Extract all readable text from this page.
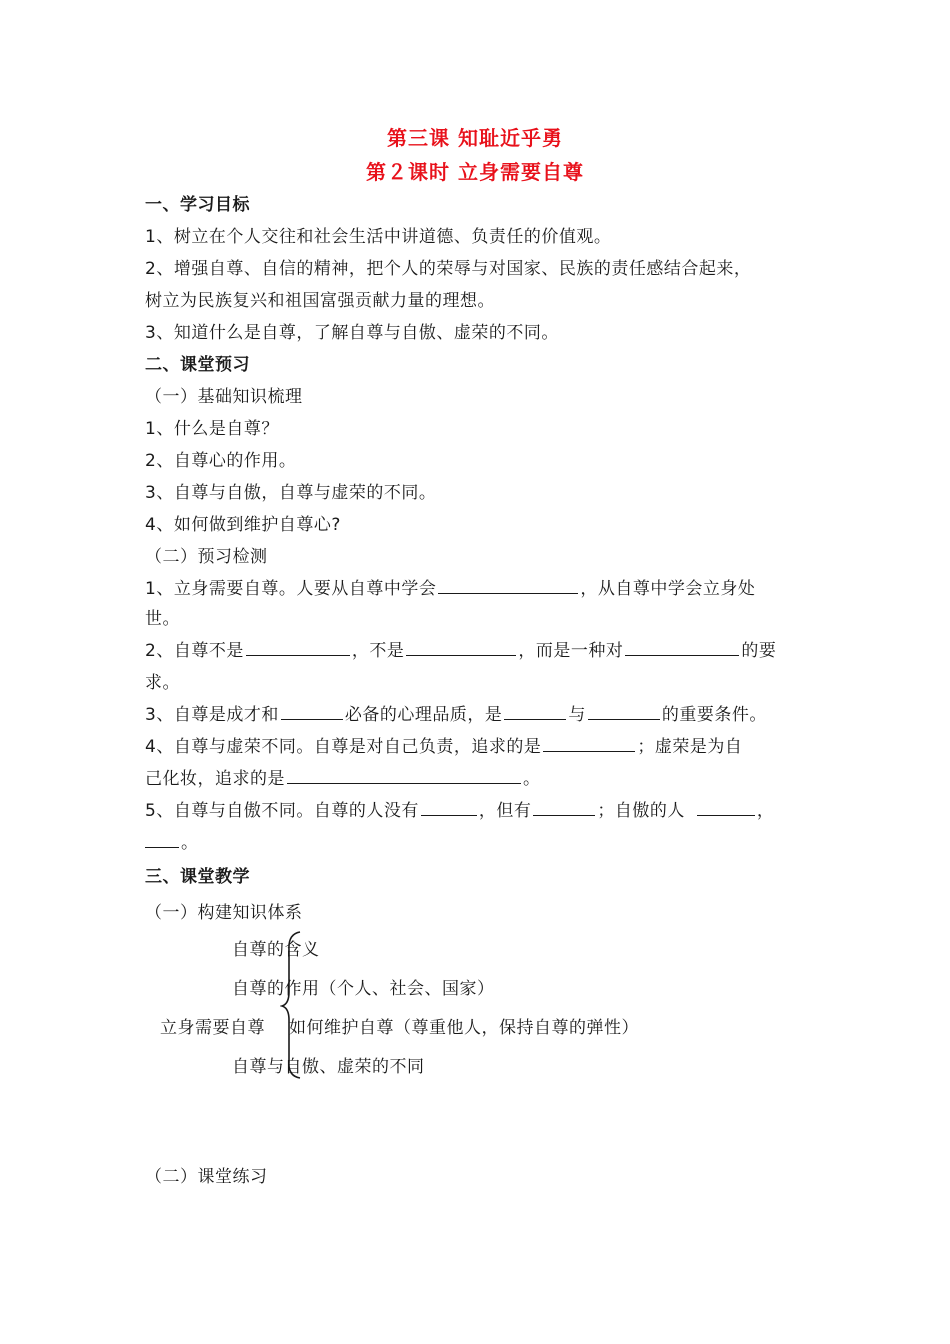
第三课 知耻近乎勇
第２课时 立身需要自尊
一、学习目标
1、树立在个人交往和社会生活中讲道德、负责任的价值观。
2、增强自尊、自信的精神，把个人的荣辱与对国家、民族的责任感结合起来，
树立为民族复兴和祖国富强贡献力量的理想。
3、知道什么是自尊，了解自尊与自傲、虚荣的不同。
二、课堂预习
（一）基础知识梳理
1、什么是自尊？
2、自尊心的作用。
3、自尊与自傲，自尊与虚荣的不同。
4、如何做到维护自尊心?
（二）预习检测
1、立身需要自尊。人要从自尊中学会	，从自尊中学会立身处
世。
2、自尊不是	，不是	，而是一种对	的要
求。
3、自尊是成才和	必备的心理品质，是	与	的重要条件。
4、自尊与虚荣不同。自尊是对自己负责，追求的是	；虚荣是为自
己化妆，追求的是	。
5、自尊与自傲不同。自尊的人没有	，但有	；自傲的人	，
。
三、课堂教学
（一）构建知识体系
自尊的含义
自尊的作用（个人、社会、国家）
立身需要自尊 如何维护自尊（尊重他人，保持自尊的弹性）
自尊与自傲、虚荣的不同
（二）课堂练习
